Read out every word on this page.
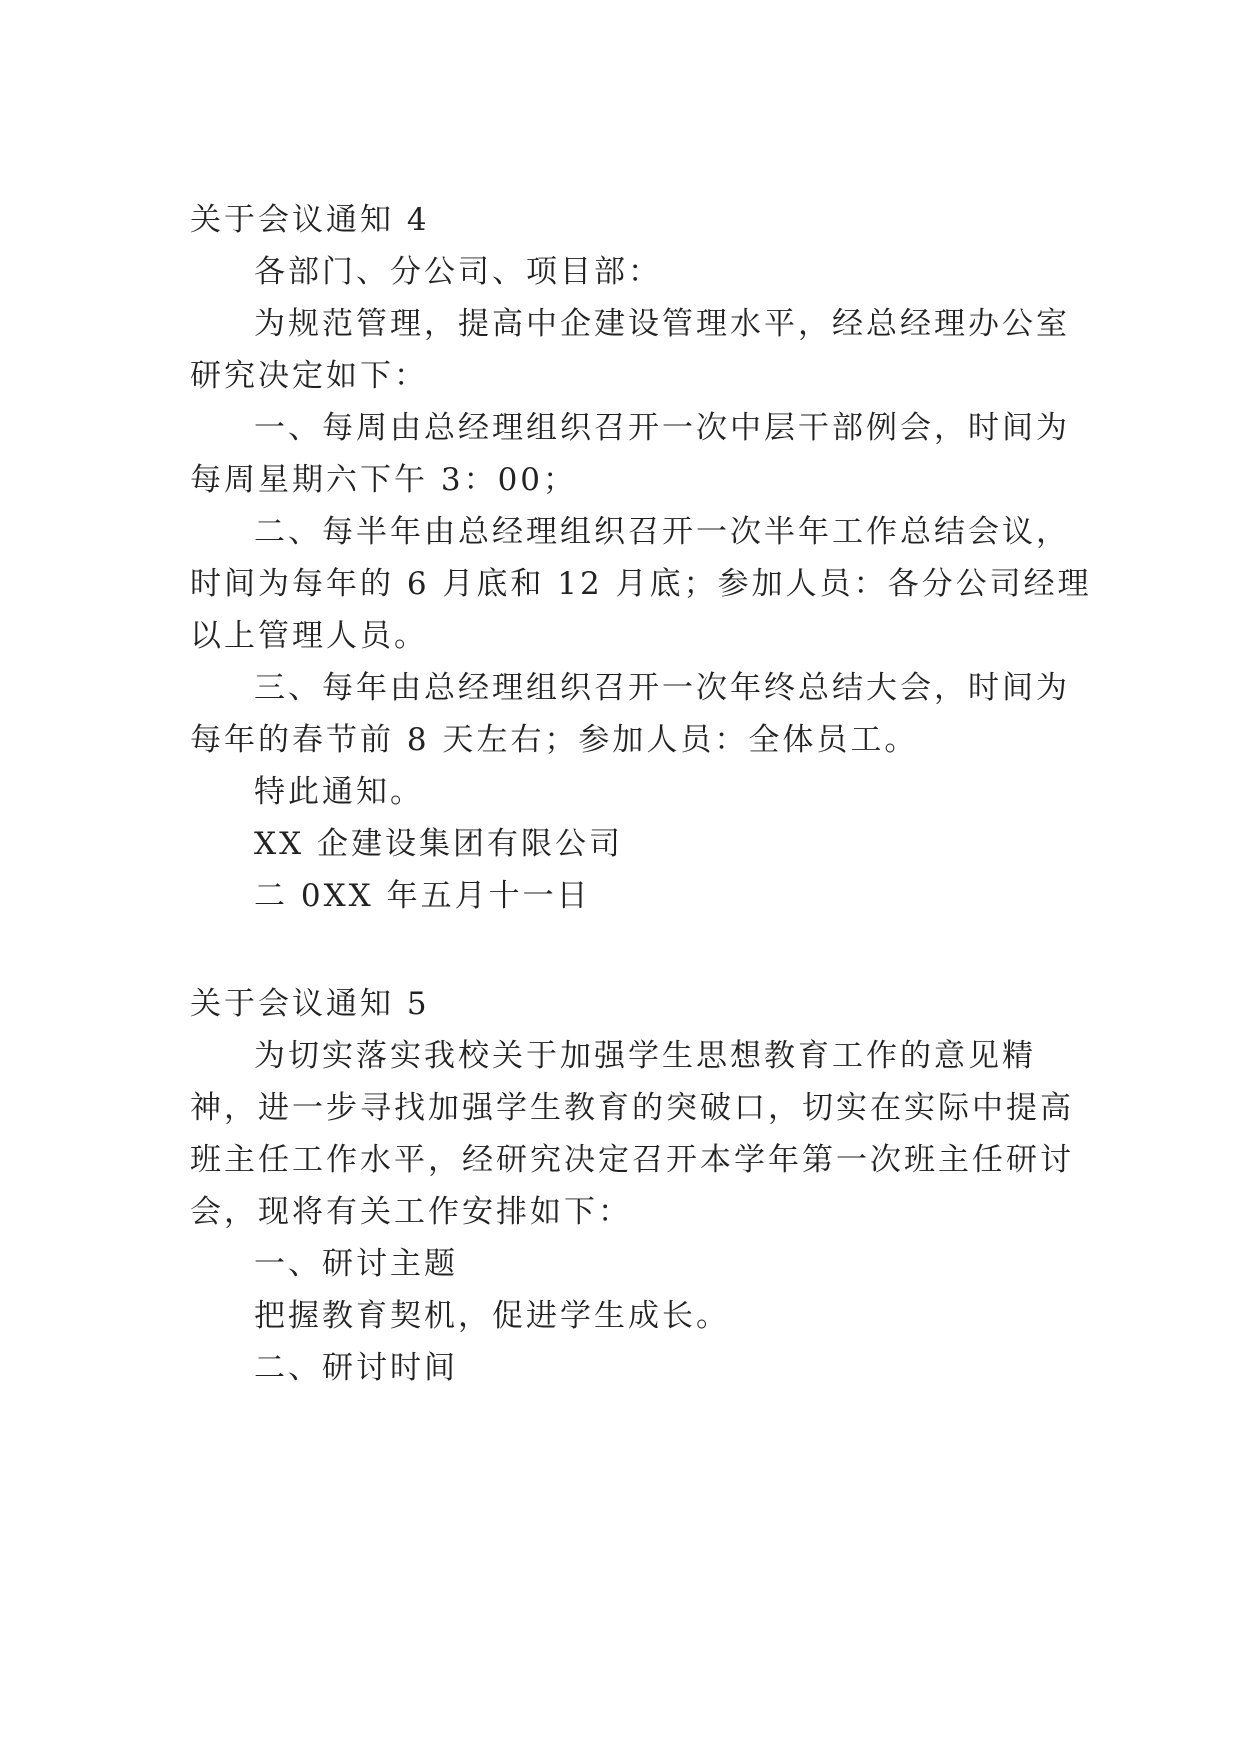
关于会议通知 4

各部门、分公司、项目部：

为规范管理，提高中企建设管理水平，经总经理办公室

研究决定如下：

一、每周由总经理组织召开一次中层干部例会，时间为

每周星期六下午 3：00；

二、每半年由总经理组织召开一次半年工作总结会议，

时间为每年的 6 月底和 12 月底；参加人员：各分公司经理

以上管理人员。

三、每年由总经理组织召开一次年终总结大会，时间为

每年的春节前 8 天左右；参加人员：全体员工。

特此通知。

XX 企建设集团有限公司

二 0XX 年五月十一日

关于会议通知 5

为切实落实我校关于加强学生思想教育工作的意见精

神，进一步寻找加强学生教育的突破口，切实在实际中提高

班主任工作水平，经研究决定召开本学年第一次班主任研讨

会，现将有关工作安排如下：

一、研讨主题

把握教育契机，促进学生成长。

二、研讨时间
